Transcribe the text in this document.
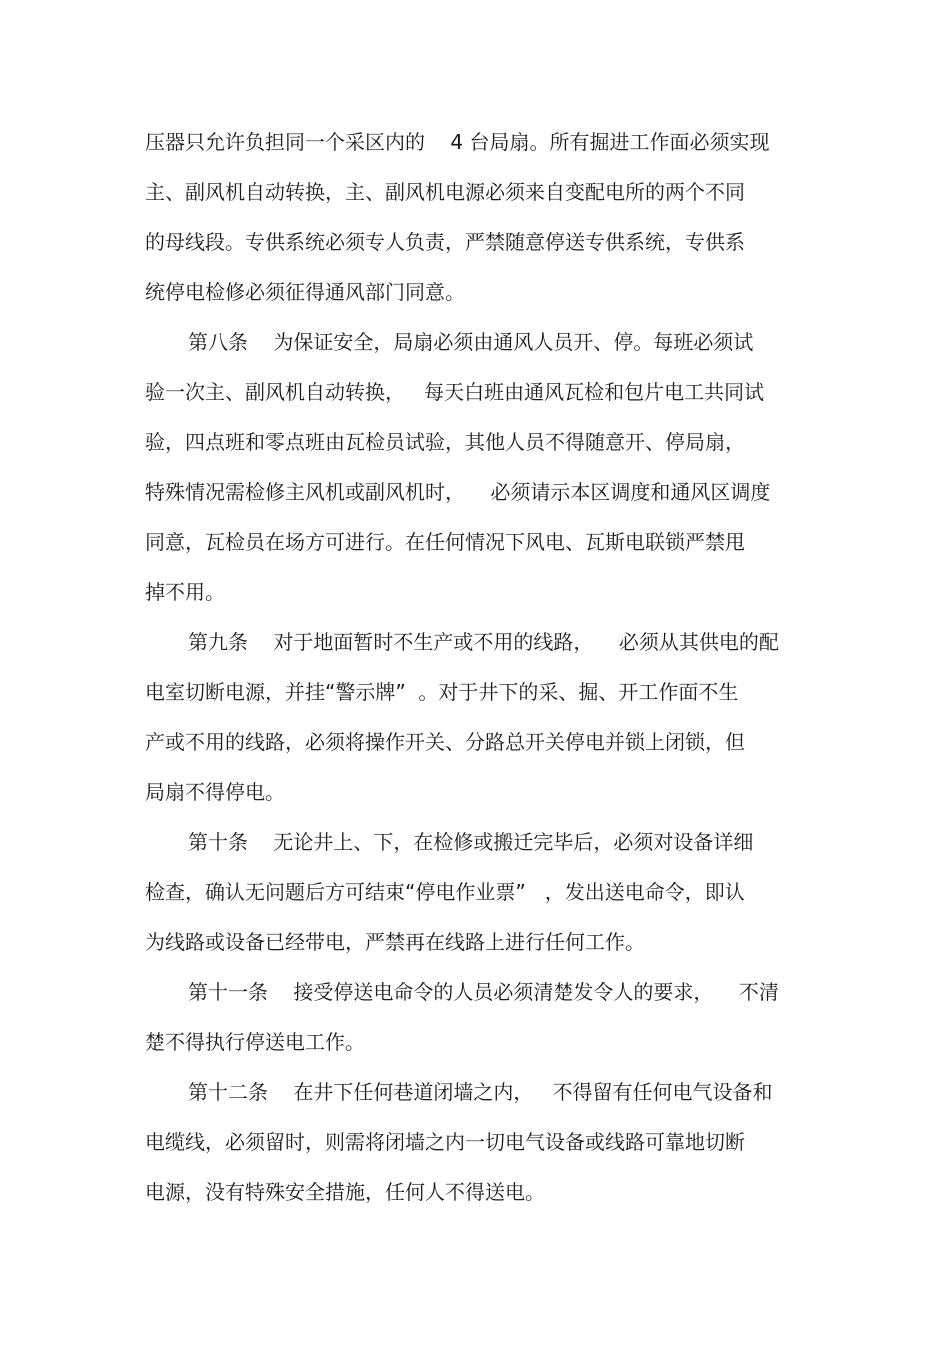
压器只允许负担同一个采区内的    4 台局扇。所有掘进工作面必须实现
主、副风机自动转换，主、副风机电源必须来自变配电所的两个不同
的母线段。专供系统必须专人负责，严禁随意停送专供系统，专供系
统停电检修必须征得通风部门同意。
第八条    为保证安全，局扇必须由通风人员开、停。每班必须试
验一次主、副风机自动转换，   每天白班由通风瓦检和包片电工共同试
验，四点班和零点班由瓦检员试验，其他人员不得随意开、停局扇，
特殊情况需检修主风机或副风机时，    必须请示本区调度和通风区调度
同意，瓦检员在场方可进行。在任何情况下风电、瓦斯电联锁严禁甩
掉不用。
第九条    对于地面暂时不生产或不用的线路，    必须从其供电的配
电室切断电源，并挂“警示牌”  。对于井下的采、掘、开工作面不生
产或不用的线路，必须将操作开关、分路总开关停电并锁上闭锁，但
局扇不得停电。
第十条    无论井上、下，在检修或搬迁完毕后，必须对设备详细
检查，确认无问题后方可结束“停电作业票”   ，发出送电命令，即认
为线路或设备已经带电，严禁再在线路上进行任何工作。
第十一条    接受停送电命令的人员必须清楚发令人的要求，    不清
楚不得执行停送电工作。
第十二条    在井下任何巷道闭墙之内，   不得留有任何电气设备和
电缆线，必须留时，则需将闭墙之内一切电气设备或线路可靠地切断
电源，没有特殊安全措施，任何人不得送电。
